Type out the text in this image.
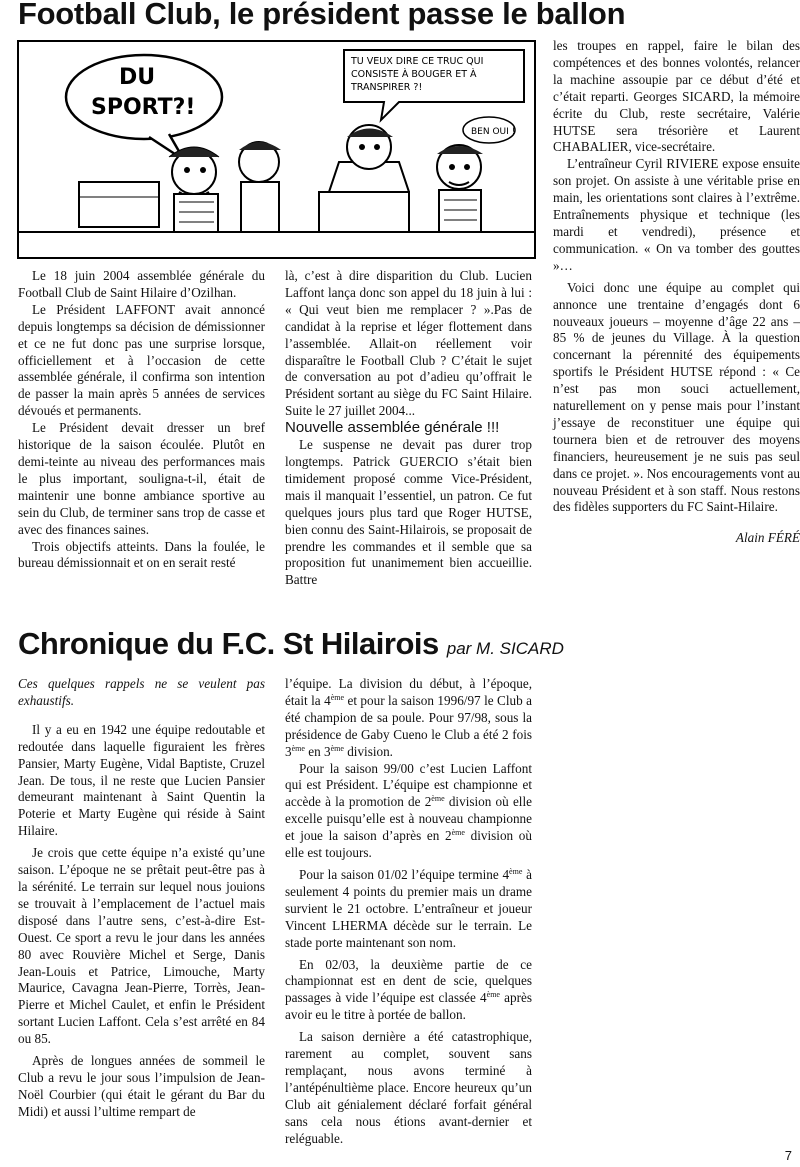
Football Club, le président passe le ballon
DU
SPORT?!
TU VEUX DIRE CE TRUC QUI
CONSISTE À BOUGER ET À
TRANSPIRER ?!
BEN OUI !

Le 18 juin 2004 assemblée générale du Football Club de Saint Hilaire d’Ozilhan.

Le Président LAFFONT avait annoncé depuis longtemps sa décision de démissionner et ce ne fut donc pas une surprise lorsque, officiellement et à l’occasion de cette assemblée générale, il confirma son intention de passer la main après 5 années de services dévoués et permanents.

Le Président devait dresser un bref historique de la saison écoulée. Plutôt en demi-teinte au niveau des performances mais le plus important, souligna-t-il, était de maintenir une bonne ambiance sportive au sein du Club, de terminer sans trop de casse et avec des finances saines.

Trois objectifs atteints. Dans la foulée, le bureau démissionnait et on en serait resté

là, c’est à dire disparition du Club. Lucien Laffont lança donc son appel du 18 juin à lui : « Qui veut bien me remplacer ? ».Pas de candidat à la reprise et léger flottement dans l’assemblée. Allait-on réellement voir disparaître le Football Club ? C’était le sujet de conversation au pot d’adieu qu’offrait le Président sortant au siège du FC Saint Hilaire. Suite le 27 juillet 2004...

Nouvelle assemblée générale !!!

Le suspense ne devait pas durer trop longtemps. Patrick GUERCIO s’était bien timidement proposé comme Vice-Président, mais il manquait l’essentiel, un patron. Ce fut quelques jours plus tard que Roger HUTSE, bien connu des Saint-Hilairois, se proposait de prendre les commandes et il semble que sa proposition fut unanimement bien accueillie. Battre

les troupes en rappel, faire le bilan des compétences et des bonnes volontés, relancer la machine assoupie par ce début d’été et c’était reparti. Georges SICARD, la mémoire écrite du Club, reste secrétaire, Valérie HUTSE sera trésorière et Laurent CHABALIER, vice-secrétaire.

L’entraîneur Cyril RIVIERE expose ensuite son projet. On assiste à une véritable prise en main, les orientations sont claires à l’extrême. Entraînements physique et technique (les mardi et vendredi), présence et communication. « On va tomber des gouttes »…

Voici donc une équipe au complet qui annonce une trentaine d’engagés dont 6 nouveaux joueurs – moyenne d’âge 22 ans – 85 % de jeunes du Village. À la question concernant la pérennité des équipements sportifs le Président HUTSE répond : « Ce n’est pas mon souci actuellement, naturellement on y pense mais pour l’instant j’essaye de reconstituer une équipe qui tournera bien et de retrouver des moyens financiers, heureusement je ne suis pas seul dans ce projet. ». Nos encouragements vont au nouveau Président et à son staff. Nous restons des fidèles supporters du FC Saint-Hilaire.

Alain FÉRÉ

Chronique du F.C. St Hilairois par M. SICARD

Ces quelques rappels ne se veulent pas exhaustifs.

Il y a eu en 1942 une équipe redoutable et redoutée dans laquelle figuraient les frères Pansier, Marty Eugène, Vidal Baptiste, Cruzel Jean. De tous, il ne reste que Lucien Pansier demeurant maintenant à Saint Quentin la Poterie et Marty Eugène qui réside à Saint Hilaire.

Je crois que cette équipe n’a existé qu’une saison. L’époque ne se prêtait peut-être pas à la sérénité. Le terrain sur lequel nous jouions se trouvait à l’emplacement de l’actuel mais disposé dans l’autre sens, c’est-à-dire Est-Ouest. Ce sport a revu le jour dans les années 80 avec Rouvière Michel et Serge, Danis Jean-Louis et Patrice, Limouche, Marty Maurice, Cavagna Jean-Pierre, Torrès, Jean-Pierre et Michel Caulet, et enfin le Président sortant Lucien Laffont. Cela s’est arrêté en 84 ou 85.

Après de longues années de sommeil le Club a revu le jour sous l’impulsion de Jean-Noël Courbier (qui était le gérant du Bar du Midi) et aussi l’ultime rempart de

l’équipe. La division du début, à l’époque, était la 4ème et pour la saison 1996/97 le Club a été champion de sa poule. Pour 97/98, sous la présidence de Gaby Cueno le Club a été 2 fois 3ème en 3ème division.

Pour la saison 99/00 c’est Lucien Laffont qui est Président. L’équipe est championne et accède à la promotion de 2ème division où elle excelle puisqu’elle est à nouveau championne et joue la saison d’après en 2ème division où elle est toujours.

Pour la saison 01/02 l’équipe termine 4ème à seulement 4 points du premier mais un drame survient le 21 octobre. L’entraîneur et joueur Vincent LHERMA décède sur le terrain. Le stade porte maintenant son nom.

En 02/03, la deuxième partie de ce championnat est en dent de scie, quelques passages à vide l’équipe est classée 4ème après avoir eu le titre à portée de ballon.

La saison dernière a été catastrophique, rarement au complet, souvent sans remplaçant, nous avons terminé à l’antépénultième place. Encore heureux qu’un Club ait génialement déclaré forfait général sans cela nous étions avant-dernier et reléguable.

7
